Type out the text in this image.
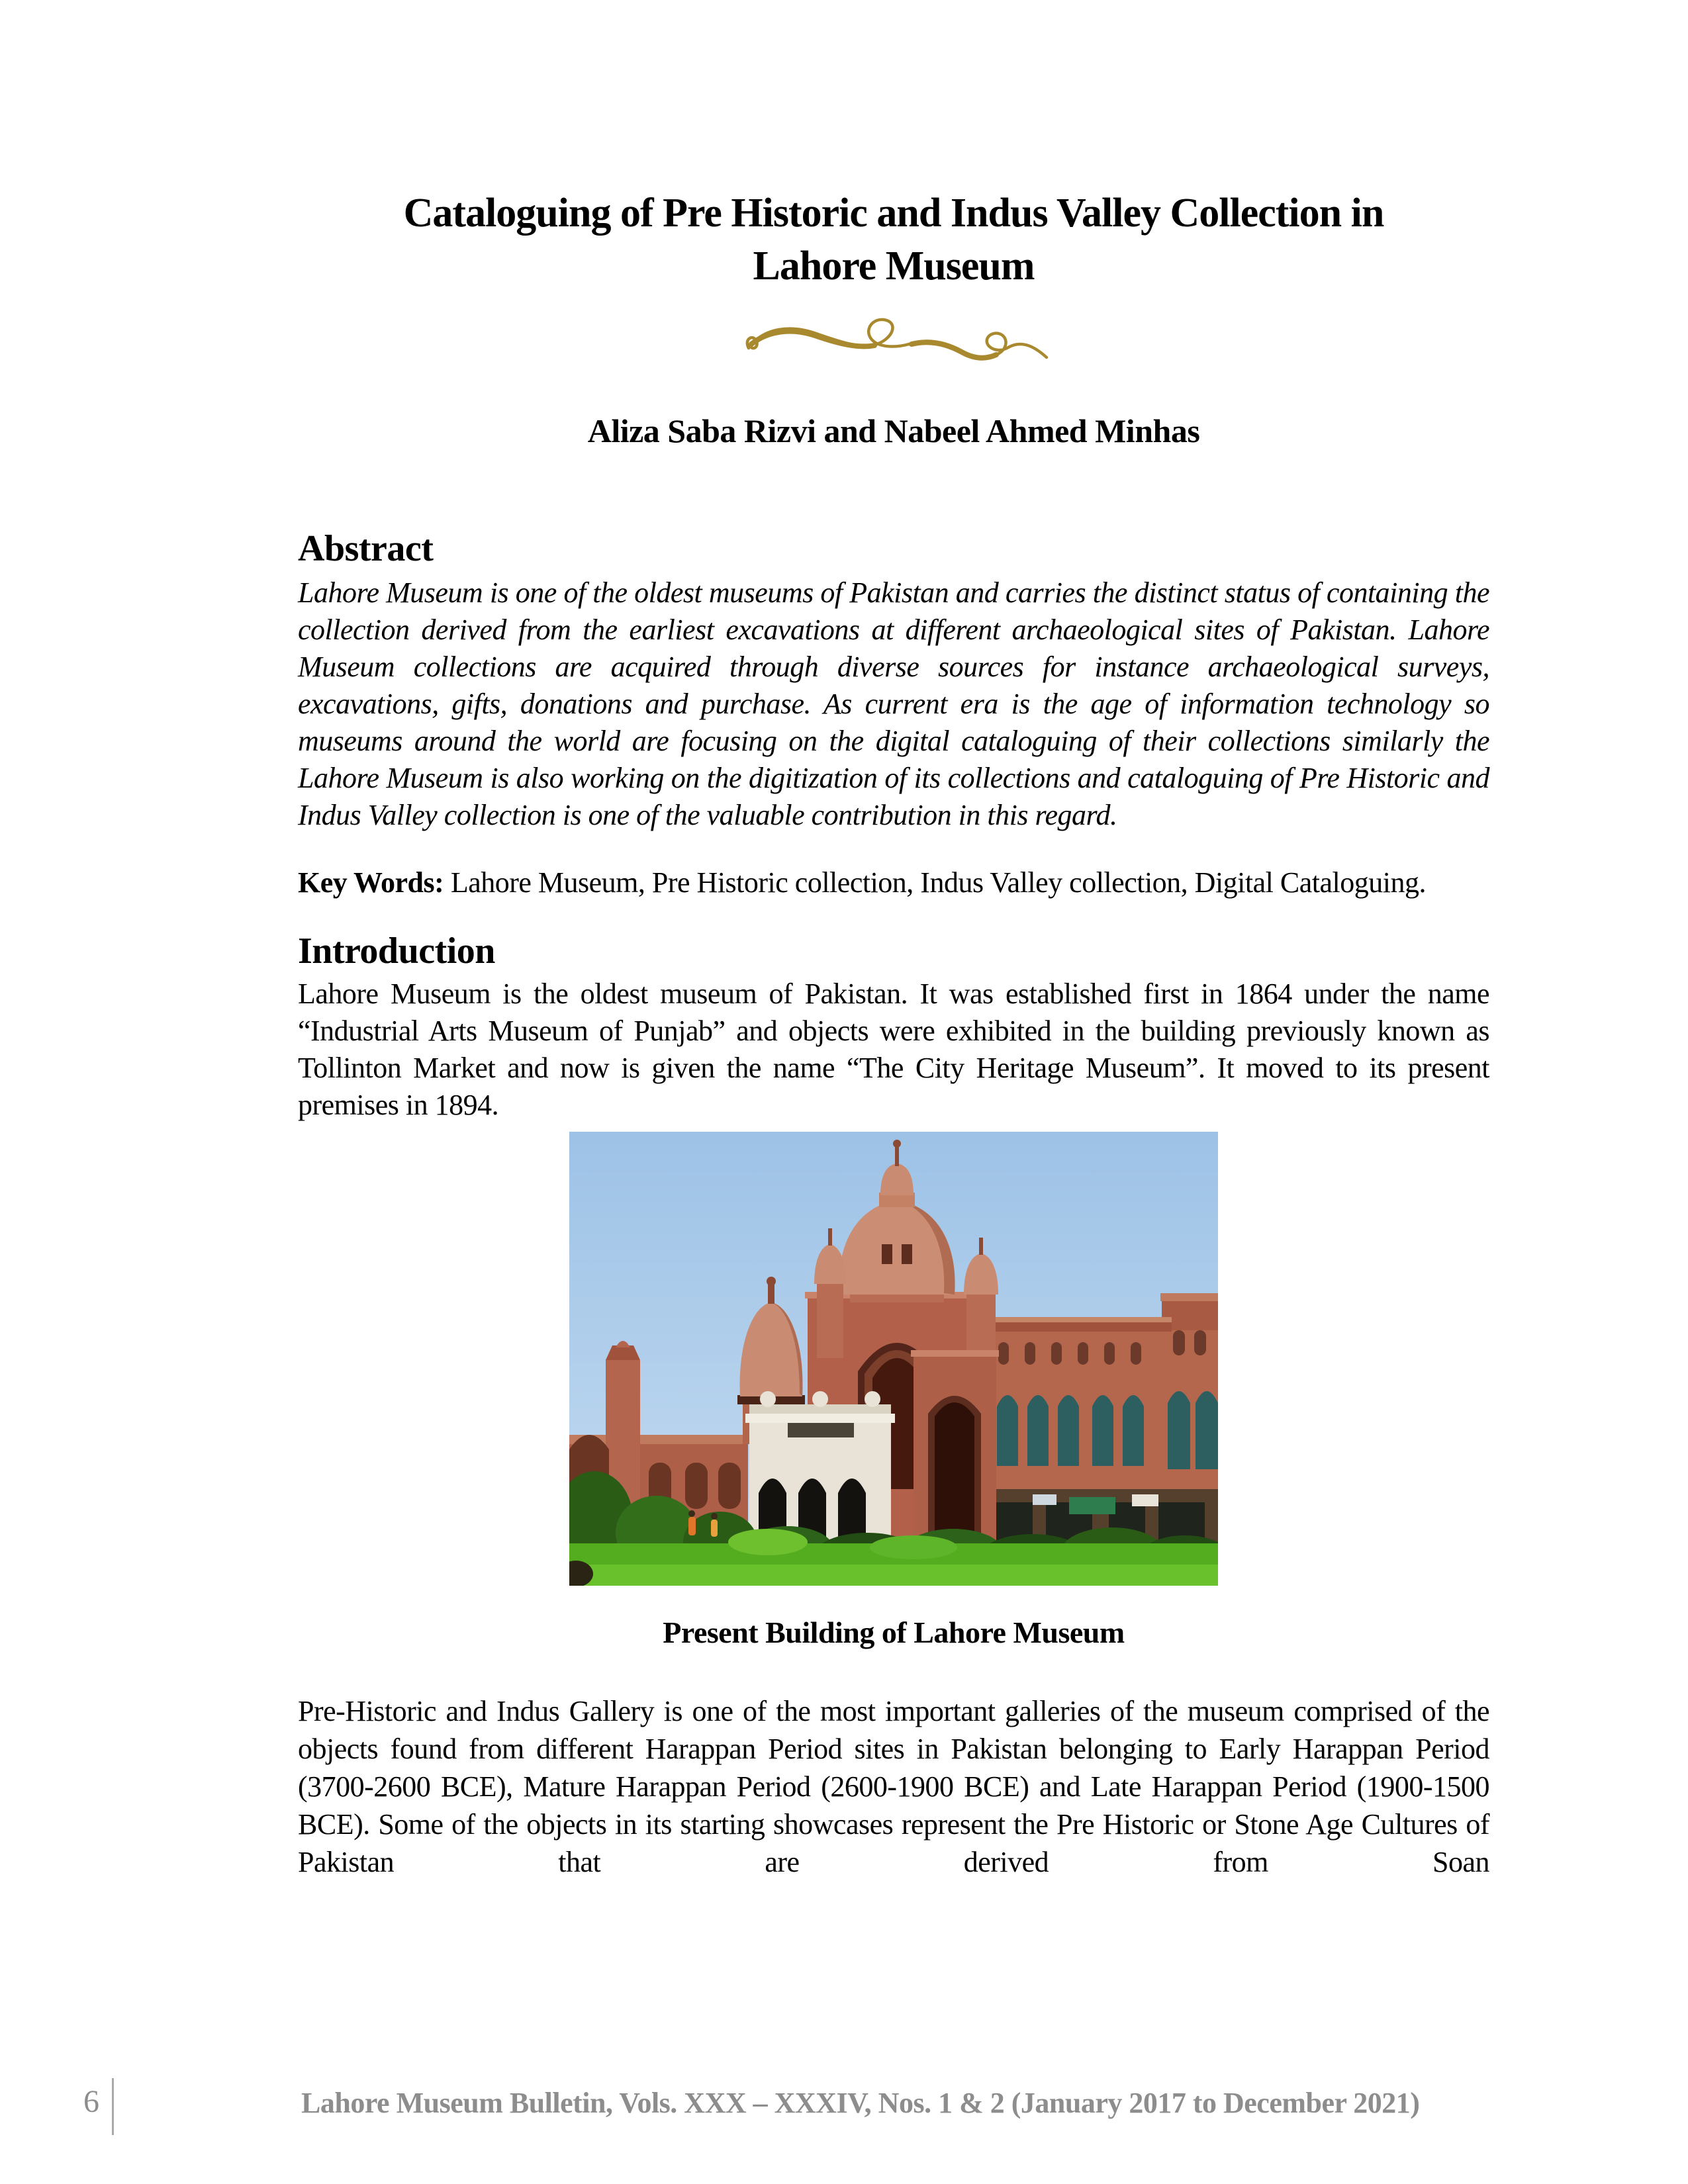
Cataloguing of Pre Historic and Indus Valley Collection in
Lahore Museum
Aliza Saba Rizvi and Nabeel Ahmed Minhas
Abstract
Lahore Museum is one of the oldest museums of Pakistan and carries the distinct status of containing the collection derived from the earliest excavations at different archaeological sites of Pakistan. Lahore Museum collections are acquired through diverse sources for instance archaeological surveys, excavations, gifts, donations and purchase. As current era is the age of information technology so museums around the world are focusing on the digital cataloguing of their collections similarly the Lahore Museum is also working on the digitization of its collections and cataloguing of Pre Historic and Indus Valley collection is one of the valuable contribution in this regard.

Key Words: Lahore Museum, Pre Historic collection, Indus Valley collection, Digital Cataloguing.

Introduction
Lahore Museum is the oldest museum of Pakistan. It was established first in 1864 under the name “Industrial Arts Museum of Punjab” and objects were exhibited in the building previously known as Tollinton Market and now is given the name “The City Heritage Museum”. It moved to its present premises in 1894.
Present Building of Lahore Museum
Pre-Historic and Indus Gallery is one of the most important galleries of the museum comprised of the objects found from different Harappan Period sites in Pakistan belonging to Early Harappan Period (3700-2600 BCE), Mature Harappan Period (2600-1900 BCE) and Late Harappan Period (1900-1500 BCE). Some of the objects in its starting showcases represent the Pre Historic or Stone Age Cultures of Pakistan that are derived from Soan
6	Lahore Museum Bulletin, Vols. XXX – XXXIV, Nos. 1 & 2 (January 2017 to December 2021)
